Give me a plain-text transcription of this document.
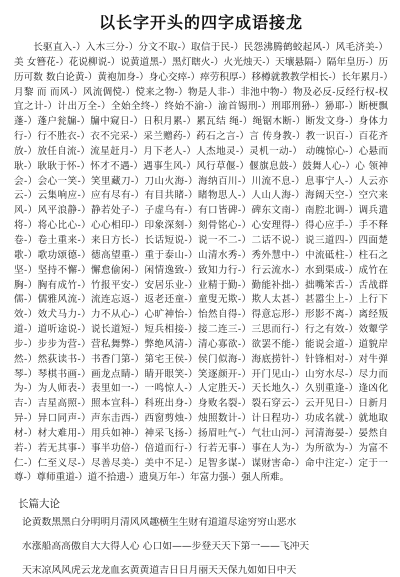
以长字开头的四字成语接龙

长驱直入-）入木三分-）分文不取-）取信于民-）民怨沸腾鹤蛟起风-）风毛济美-）美 女簪花-）花说柳说-）说黄道黑-）黑灯瞎火-）火光烛天-）天壤悬隔-）隔年皇历-）历历可数 数白论黄-）黄袍加身-）身心交瘁-）瘁劳积厚-）移樽就教教学相长-）长年累月-）月黎 而 而风-）风流倜傥-）傥来之物-）物是人非-）非池中物-）物及必反-反经行权-权宜之计-）计出万全-）全始全终-）终始不渝-）渝首锡刑-）刑耶刑狲-）狲耶-）断梗飘蓬-）蓬户瓮牖-）牖中窥日-）日积月累-）累瓦结 绳-）绳锯木断-）断发文身-）身体力行-）行不胜衣-）衣不完采-）采兰赠药-）药石之言-）言 传身教-）教一识百-）百花齐放-）放任自流-）流星赶月-）月下老人-）人杰地灵-）灵机一动-） 动魄惊心-）心悬而耿-）耿耿于怀-）怀才不遇-）遇事生风-）风行草偃-）偃旗息鼓-）鼓舞人心-）心 领神会-）会心一笑-）笑里藏刀-）刀山火海-）海纳百川-）川流不息-）息事宁人-）人云亦云-）云集响应-）应有尽有-）有目共睹-）睹物思人-）人山人海-）海阔天空-）空穴来风-）风平浪静-）静若处子-）子虚乌有-）有口皆碑-）碑东文南-）南腔北调-）调兵遣将-）将心比心-）心心相印-）印象深刻-）刻骨铭心-）心安理得-）得心应手-）手不释卷-）卷土重来-）来日方长-）长话短说-）说一不二-）二话不说-）说三道四-）四面楚歌-）歌功颂德-）德高望重-）重于泰山-）山清水秀-）秀外慧中-）中流砥柱-）柱石之坚-）坚持不懈-）懈怠偷闲-）闲情逸致-）致知力行-）行云流水-）水到渠成-）成竹在胸-）胸有成竹-）竹报平安-）安居乐业-）业精于勤-）勤能补拙-）拙嘴笨舌-）舌战群儒-）儒雅风流-）流连忘返-）返老还童-）童叟无欺-）欺人太甚-）甚嚣尘上-）上行下效-）效犬马力-）力不从心-）心旷神怡-）怡然自得-）得意忘形-）形影不离-）离经叛道-）道听途说-）说长道短-）短兵相接-）接二连三-）三思而行-）行之有效-）效颦学步-）步步为营-）营私舞弊-）弊绝风清-）清心寡欲-）欲罢不能-）能说会道-）道貌岸然-）然荻读书-）书香门第-）第宅王侯-）侯门似海-）海底捞针-）针锋相对-）对牛弹琴-）琴棋书画-）画龙点睛-）睛开眼笑-）笑逐颜开-）开门见山-）山穷水尽-）尽力而为-）为人师表-）表里如一-）一鸣惊人-）人定胜天-）天长地久-）久别重逢-）逢凶化吉-）吉星高照-）照本宣科-）科班出身-）身败名裂-）裂石穿云-）云开见日-）日新月异-）异口同声-）声东击西-）西窗剪烛-）烛照数计-）计日程功-）功成名就-）就地取材-）材大难用-）用兵如神-）神采飞扬-）扬眉吐气-）气壮山河-）河清海晏-）晏然自若-）若无其事-）事半功倍-）倍道而行-）行若无事-）事在人为-）为所欲为-）为富不仁-）仁至义尽-）尽善尽美-）美中不足-）足智多谋-）谋财害命-）命中注定-）定于一尊-）尊师重道-）道不拾遗-）遗臭万年-）年富力强-）强人所难。

长篇大论
论黄数黑黑白分明明月清风风趣横生生财有道道尽途穷穷山恶水
水涨船高高傲自大大得人心 心口如——步登天天下第一——飞冲天
天末凉风风虎云龙龙血玄黄黄道吉日日月丽天天保九如如日中天
